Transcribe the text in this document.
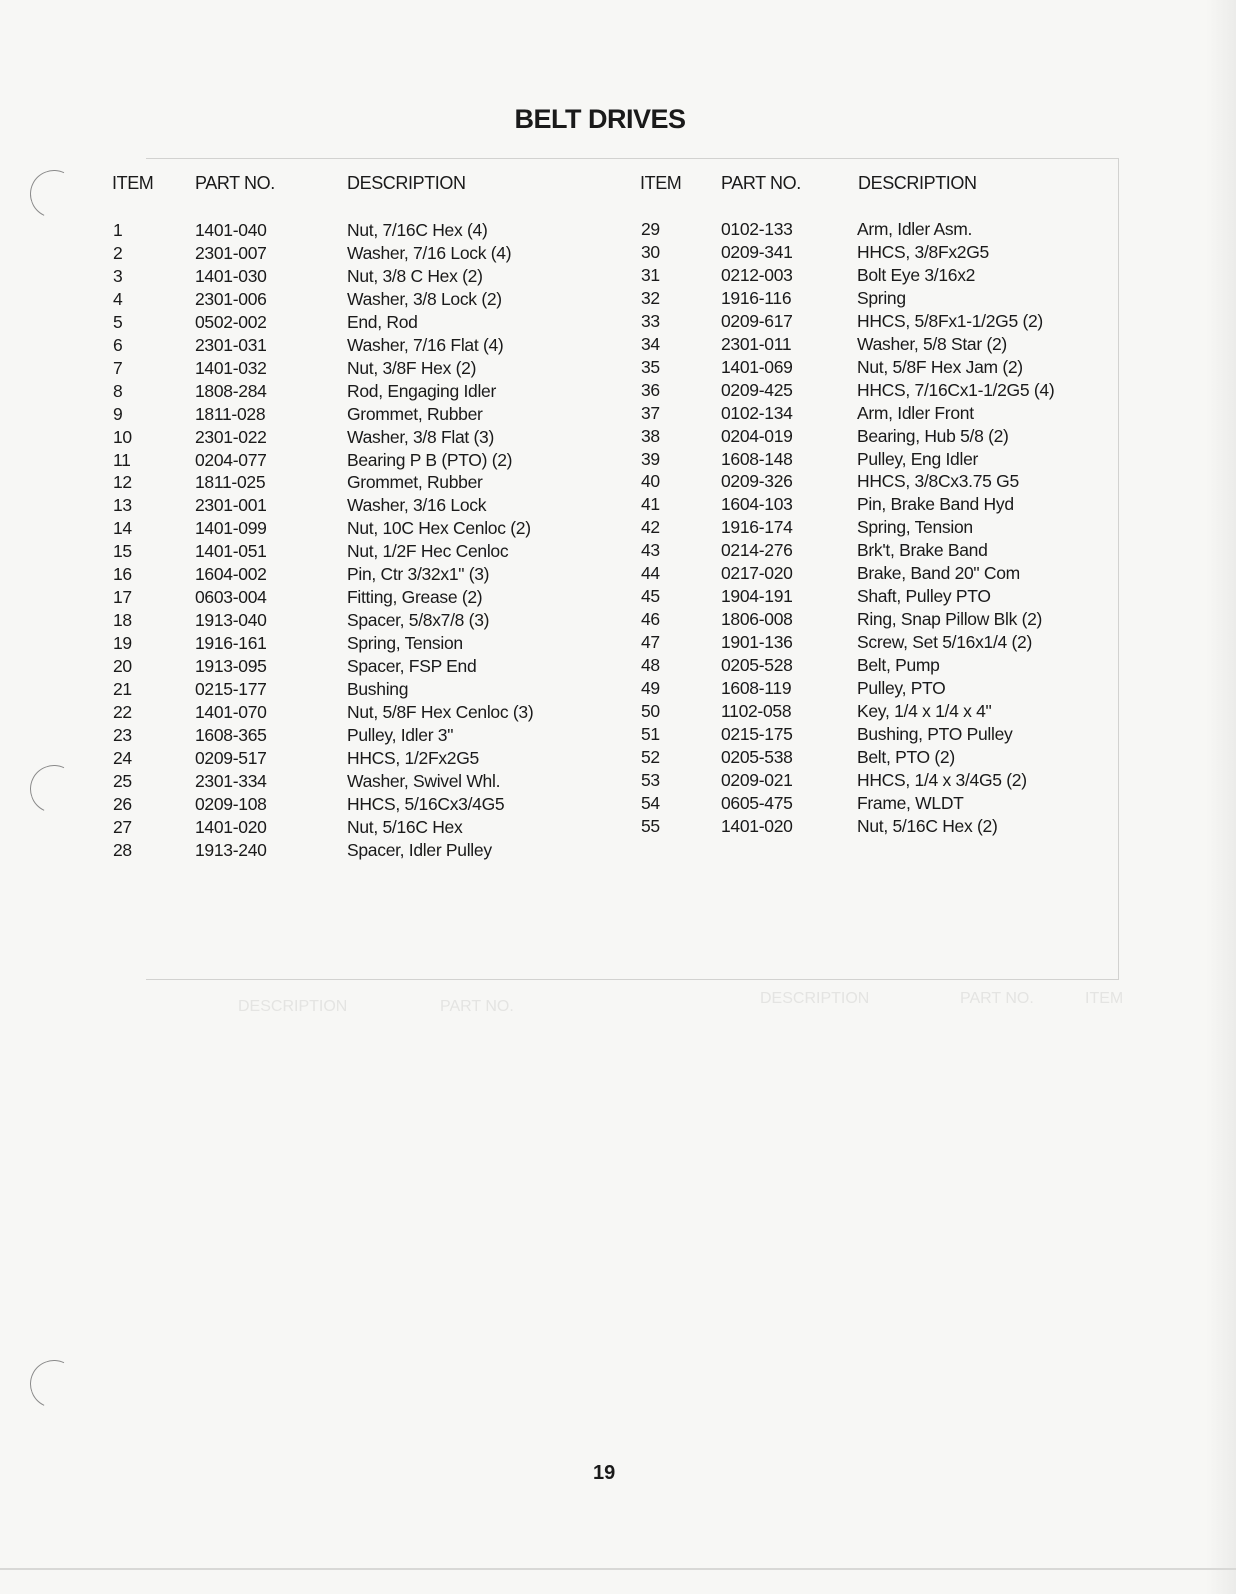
BELT DRIVES
ITEM PART NO.	DESCRIPTION	ITEM PART NO.	DESCRIPTION
1	1401-040	Nut, 7/16C Hex (4)
2	2301-007	Washer, 7/16 Lock (4)
3	1401-030	Nut, 3/8 C Hex (2)
4	2301-006	Washer, 3/8 Lock (2)
5	0502-002	End, Rod
6	2301-031	Washer, 7/16 Flat (4)
7	1401-032	Nut, 3/8F Hex (2)
8	1808-284	Rod, Engaging Idler
9	1811-028	Grommet, Rubber
10	2301-022	Washer, 3/8 Flat (3)
11	0204-077	Bearing P B (PTO) (2)
12	1811-025	Grommet, Rubber
13	2301-001	Washer, 3/16 Lock
14	1401-099	Nut, 10C Hex Cenloc (2)
15	1401-051	Nut, 1/2F Hec Cenloc
16	1604-002	Pin, Ctr 3/32x1" (3)
17	0603-004	Fitting, Grease (2)
18	1913-040	Spacer, 5/8x7/8 (3)
19	1916-161	Spring, Tension
20	1913-095	Spacer, FSP End
21	0215-177	Bushing
22	1401-070	Nut, 5/8F Hex Cenloc (3)
23	1608-365	Pulley, Idler 3"
24	0209-517	HHCS, 1/2Fx2G5
25	2301-334	Washer, Swivel Whl.
26	0209-108	HHCS, 5/16Cx3/4G5
27	1401-020	Nut, 5/16C Hex
28	1913-240	Spacer, Idler Pulley
29	0102-133	Arm, Idler Asm.
30	0209-341	HHCS, 3/8Fx2G5
31	0212-003	Bolt Eye 3/16x2
32	1916-116	Spring
33	0209-617	HHCS, 5/8Fx1-1/2G5 (2)
34	2301-011	Washer, 5/8 Star (2)
35	1401-069	Nut, 5/8F Hex Jam (2)
36	0209-425	HHCS, 7/16Cx1-1/2G5 (4)
37	0102-134	Arm, Idler Front
38	0204-019	Bearing, Hub 5/8 (2)
39	1608-148	Pulley, Eng Idler
40	0209-326	HHCS, 3/8Cx3.75 G5
41	1604-103	Pin, Brake Band Hyd
42	1916-174	Spring, Tension
43	0214-276	Brk't, Brake Band
44	0217-020	Brake, Band 20" Com
45	1904-191	Shaft, Pulley PTO
46	1806-008	Ring, Snap Pillow Blk (2)
47	1901-136	Screw, Set 5/16x1/4 (2)
48	0205-528	Belt, Pump
49	1608-119	Pulley, PTO
50	1102-058	Key, 1/4 x 1/4 x 4"
51	0215-175	Bushing, PTO Pulley
52	0205-538	Belt, PTO (2)
53	0209-021	HHCS, 1/4 x 3/4G5 (2)
54	0605-475	Frame, WLDT
55	1401-020	Nut, 5/16C Hex (2)
DESCRIPTION	PART NO.	DESCRIPTION	PART NO.	ITEM
19
